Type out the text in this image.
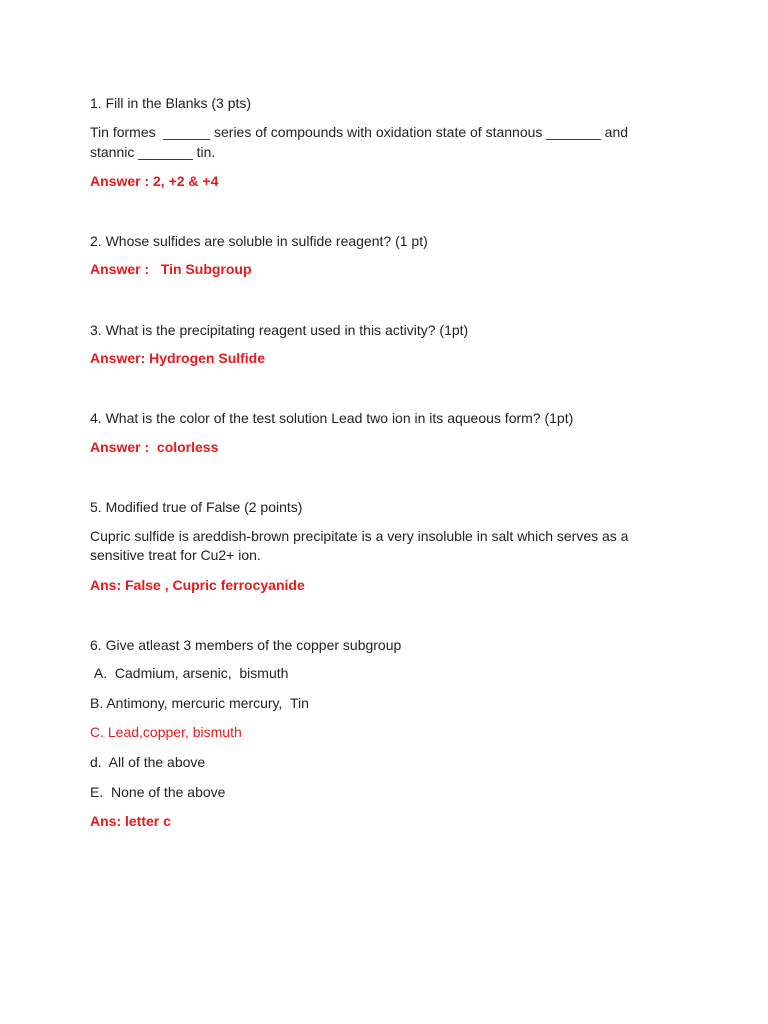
1. Fill in the Blanks (3 pts)

Tin formes  ______ series of compounds with oxidation state of stannous _______ and

stannic _______ tin.

Answer : 2, +2 & +4

2. Whose sulfides are soluble in sulfide reagent? (1 pt)

Answer :   Tin Subgroup

3. What is the precipitating reagent used in this activity? (1pt)

Answer: Hydrogen Sulfide

4. What is the color of the test solution Lead two ion in its aqueous form? (1pt)

Answer :  colorless

5. Modified true of False (2 points)

Cupric sulfide is areddish-brown precipitate is a very insoluble in salt which serves as a

sensitive treat for Cu2+ ion.

Ans: False , Cupric ferrocyanide

6. Give atleast 3 members of the copper subgroup

A.  Cadmium, arsenic,  bismuth

B. Antimony, mercuric mercury,  Tin

C. Lead,copper, bismuth

d.  All of the above

E.  None of the above

Ans: letter c
